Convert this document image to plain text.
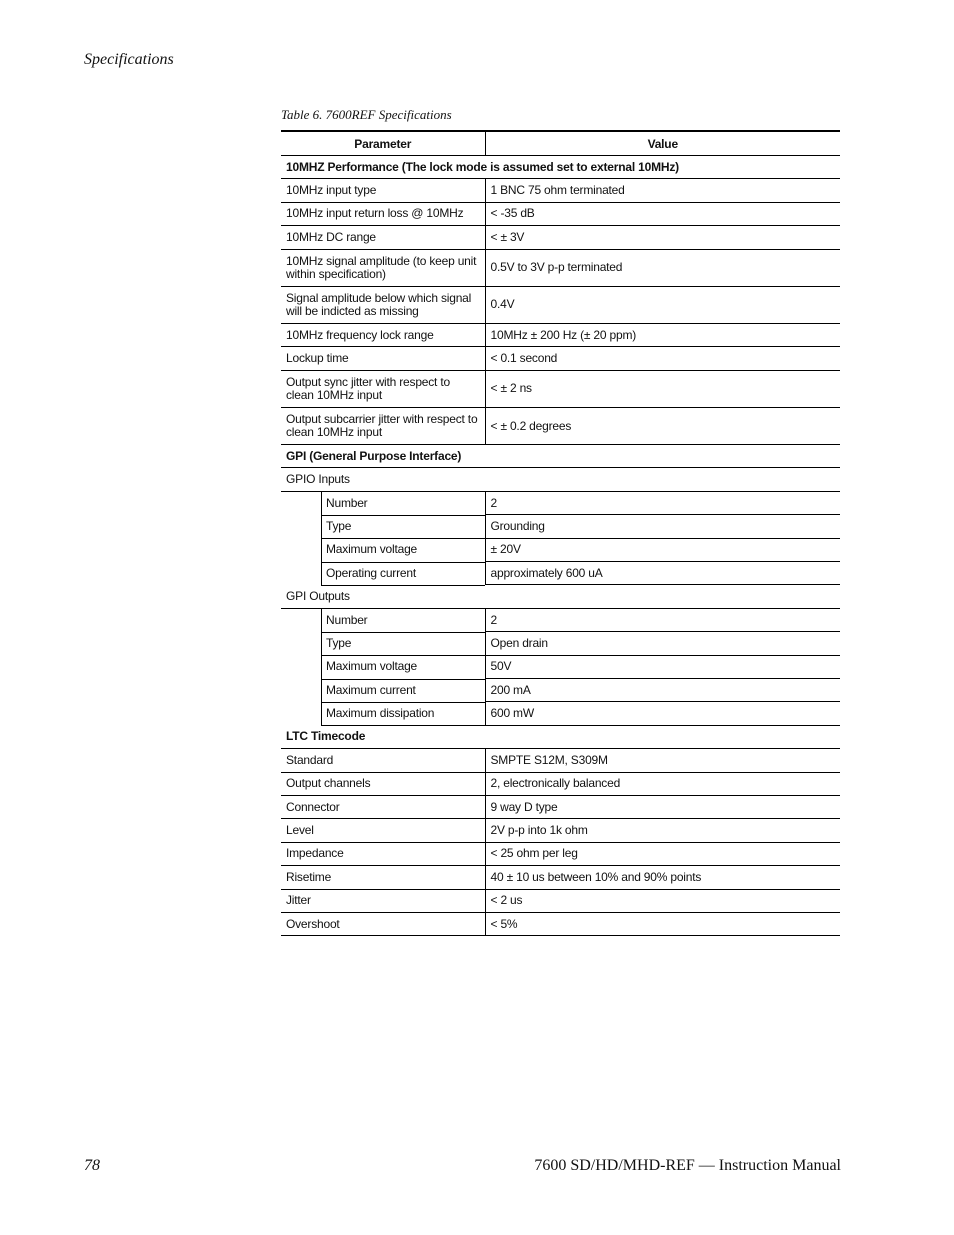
Specifications
Table 6. 7600REF Specifications
Parameter	Value
10MHZ Performance (The lock mode is assumed set to external 10MHz)	
10MHz input type	1 BNC 75 ohm terminated
10MHz input return loss @ 10MHz	< -35 dB
10MHz DC range	< ± 3V
10MHz signal amplitude (to keep unit within specification)	0.5V to 3V p-p terminated
Signal amplitude below which signal will be indicted as missing	0.4V
10MHz frequency lock range	10MHz ± 200 Hz (± 20 ppm)
Lockup time	< 0.1 second
Output sync jitter with respect to clean 10MHz input	< ± 2 ns
Output subcarrier jitter with respect to clean 10MHz input	< ± 0.2 degrees
GPI (General Purpose Interface)	
GPIO Inputs	

Number	2

Type	Grounding

Maximum voltage	± 20V

Operating current	approximately 600 uA
GPI Outputs	

Number	2

Type	Open drain

Maximum voltage	50V

Maximum current	200 mA

Maximum dissipation	600 mW
LTC Timecode	
Standard	SMPTE S12M, S309M
Output channels	2, electronically balanced
Connector	9 way D type
Level	2V p-p into 1k ohm
Impedance	< 25 ohm per leg
Risetime	40 ± 10 us between 10% and 90% points
Jitter	< 2 us
Overshoot	< 5%
78	7600 SD/HD/MHD-REF — Instruction Manual
